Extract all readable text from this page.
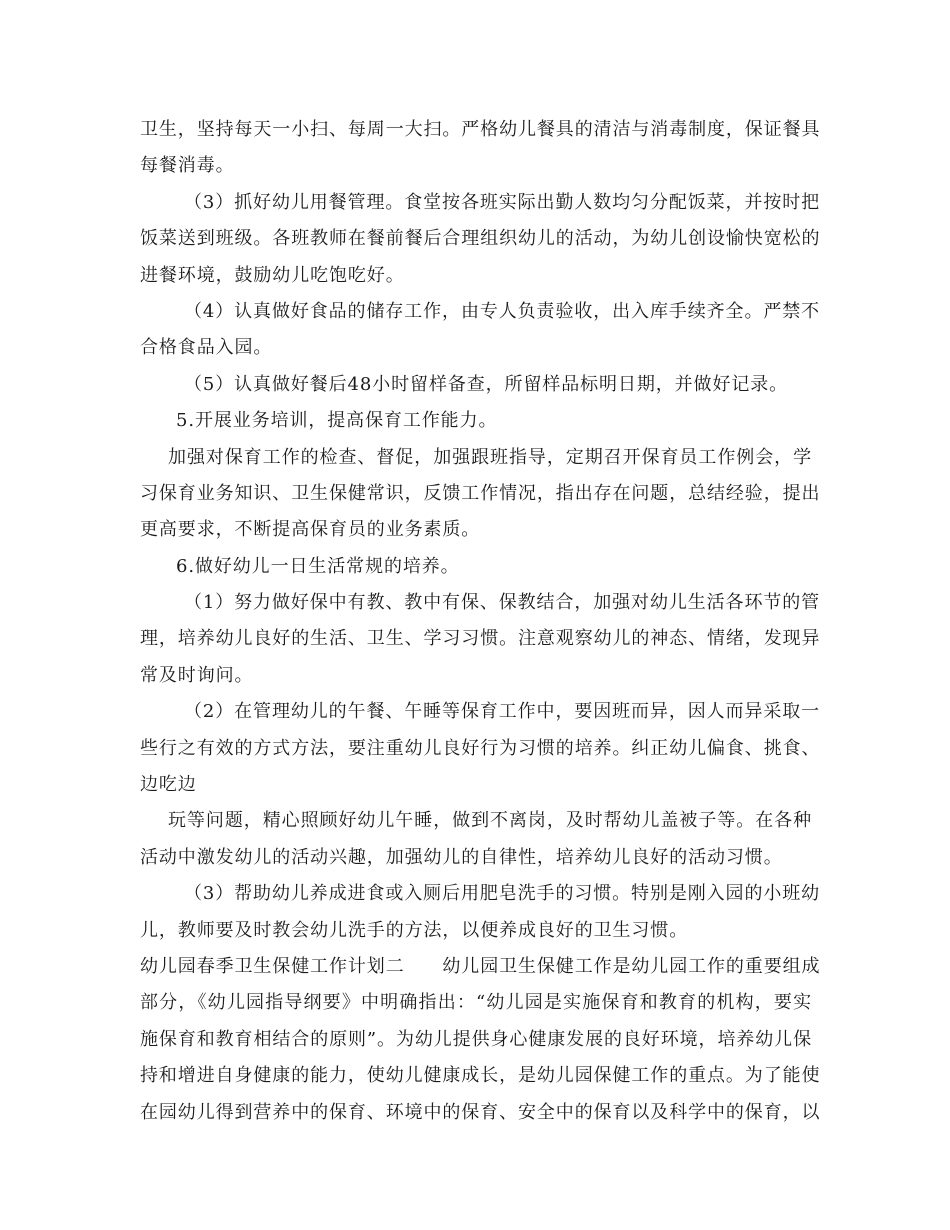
卫生，坚持每天一小扫、每周一大扫。严格幼儿餐具的清洁与消毒制度，保证餐具
每餐消毒。
（3）抓好幼儿用餐管理。食堂按各班实际出勤人数均匀分配饭菜，并按时把
饭菜送到班级。各班教师在餐前餐后合理组织幼儿的活动，为幼儿创设愉快宽松的
进餐环境，鼓励幼儿吃饱吃好。
（4）认真做好食品的储存工作，由专人负责验收，出入库手续齐全。严禁不
合格食品入园。
（5）认真做好餐后48小时留样备查，所留样品标明日期，并做好记录。
5.开展业务培训，提高保育工作能力。
加强对保育工作的检查、督促，加强跟班指导，定期召开保育员工作例会，学
习保育业务知识、卫生保健常识，反馈工作情况，指出存在问题，总结经验，提出
更高要求，不断提高保育员的业务素质。
6.做好幼儿一日生活常规的培养。
（1）努力做好保中有教、教中有保、保教结合，加强对幼儿生活各环节的管
理，培养幼儿良好的生活、卫生、学习习惯。注意观察幼儿的神态、情绪，发现异
常及时询问。
（2）在管理幼儿的午餐、午睡等保育工作中，要因班而异，因人而异采取一
些行之有效的方式方法，要注重幼儿良好行为习惯的培养。纠正幼儿偏食、挑食、
边吃边
玩等问题，精心照顾好幼儿午睡，做到不离岗，及时帮幼儿盖被子等。在各种
活动中激发幼儿的活动兴趣，加强幼儿的自律性，培养幼儿良好的活动习惯。
（3）帮助幼儿养成进食或入厕后用肥皂洗手的习惯。特别是刚入园的小班幼
儿，教师要及时教会幼儿洗手的方法，以便养成良好的卫生习惯。
幼儿园春季卫生保健工作计划二　　幼儿园卫生保健工作是幼儿园工作的重要组成
部分，《幼儿园指导纲要》中明确指出：“幼儿园是实施保育和教育的机构，要实
施保育和教育相结合的原则”。为幼儿提供身心健康发展的良好环境，培养幼儿保
持和增进自身健康的能力，使幼儿健康成长，是幼儿园保健工作的重点。为了能使
在园幼儿得到营养中的保育、环境中的保育、安全中的保育以及科学中的保育，以
